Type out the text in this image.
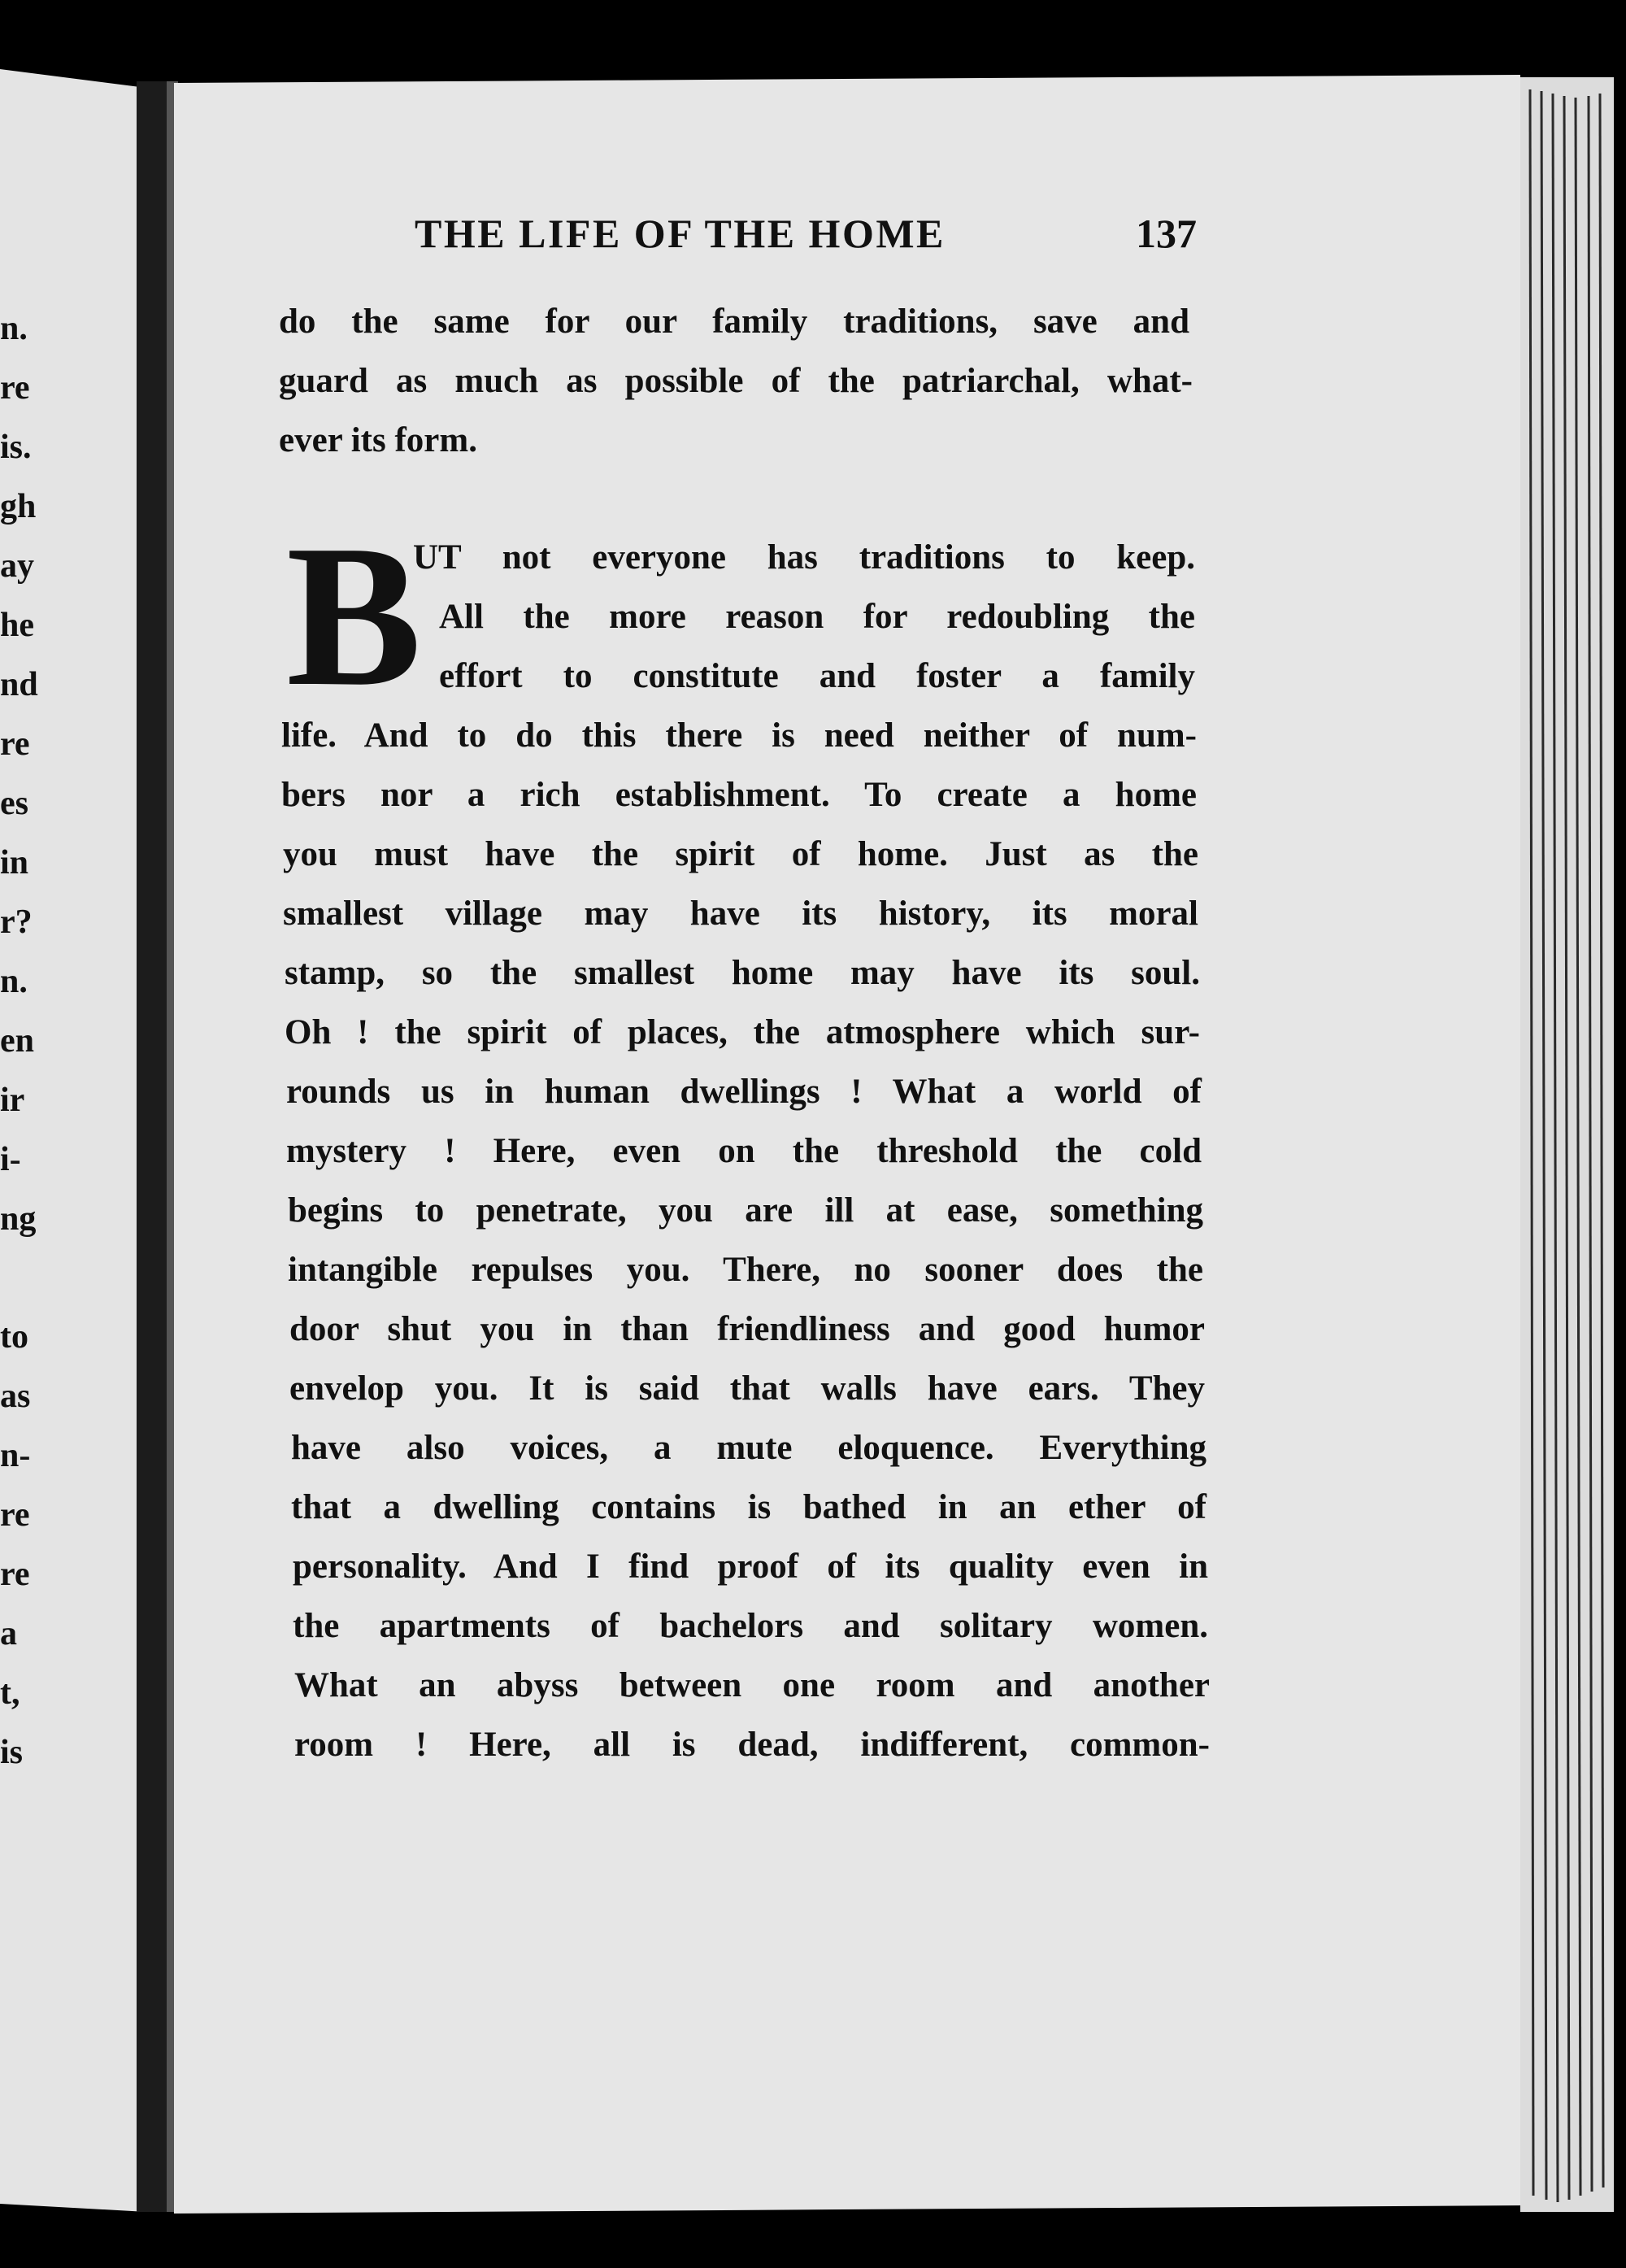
n.
re
is.
gh
ay
he
nd
re
es
in
r?
n.
en
ir
i-
ng
to
as
n-
re
re
a
t,
is
THE LIFE OF THE HOME	137
B
do the same for our family traditions, save and
guard as much as possible of the patriarchal, what-
ever its form.
UT not everyone has traditions to keep.
All the more reason for redoubling the
effort to constitute and foster a family
life. And to do this there is need neither of num-
bers nor a rich establishment. To create a home
you must have the spirit of home. Just as the
smallest village may have its history, its moral
stamp, so the smallest home may have its soul.
Oh ! the spirit of places, the atmosphere which sur-
rounds us in human dwellings ! What a world of
mystery ! Here, even on the threshold the cold
begins to penetrate, you are ill at ease, something
intangible repulses you. There, no sooner does the
door shut you in than friendliness and good humor
envelop you. It is said that walls have ears. They
have also voices, a mute eloquence. Everything
that a dwelling contains is bathed in an ether of
personality. And I find proof of its quality even in
the apartments of bachelors and solitary women.
What an abyss between one room and another
room ! Here, all is dead, indifferent, common-
